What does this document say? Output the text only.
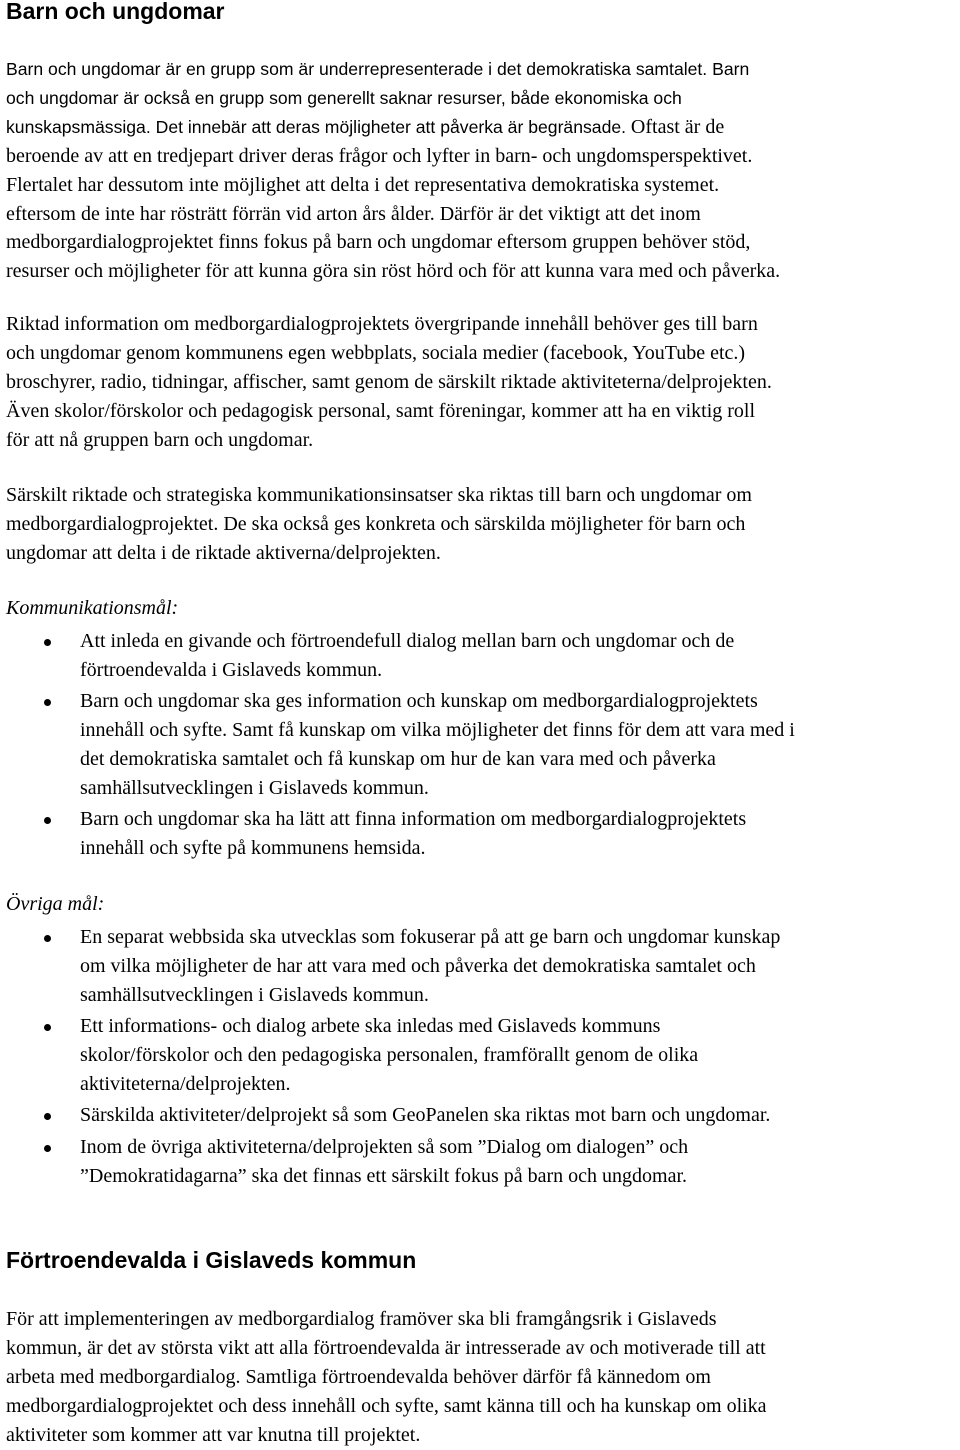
Barn och ungdomar

Barn och ungdomar är en grupp som är underrepresenterade i det demokratiska samtalet. Barn
och ungdomar är också en grupp som generellt saknar resurser, både ekonomiska och
kunskapsmässiga. Det innebär att deras möjligheter att påverka är begränsade. Oftast är de
beroende av att en tredjepart driver deras frågor och lyfter in barn- och ungdomsperspektivet.
Flertalet har dessutom inte möjlighet att delta i det representativa demokratiska systemet.
eftersom de inte har rösträtt förrän vid arton års ålder. Därför är det viktigt att det inom
medborgardialogprojektet finns fokus på barn och ungdomar eftersom gruppen behöver stöd,
resurser och möjligheter för att kunna göra sin röst hörd och för att kunna vara med och påverka.

Riktad information om medborgardialogprojektets övergripande innehåll behöver ges till barn
och ungdomar genom kommunens egen webbplats, sociala medier (facebook, YouTube etc.)
broschyrer, radio, tidningar, affischer, samt genom de särskilt riktade aktiviteterna/delprojekten.
Även skolor/förskolor och pedagogisk personal, samt föreningar, kommer att ha en viktig roll
för att nå gruppen barn och ungdomar.

Särskilt riktade och strategiska kommunikationsinsatser ska riktas till barn och ungdomar om
medborgardialogprojektet. De ska också ges konkreta och särskilda möjligheter för barn och
ungdomar att delta i de riktade aktiverna/delprojekten.

Kommunikationsmål:
Att inleda en givande och förtroendefull dialog mellan barn och ungdomar och de
förtroendevalda i Gislaveds kommun.
Barn och ungdomar ska ges information och kunskap om medborgardialogprojektets
innehåll och syfte. Samt få kunskap om vilka möjligheter det finns för dem att vara med i
det demokratiska samtalet och få kunskap om hur de kan vara med och påverka
samhällsutvecklingen i Gislaveds kommun.
Barn och ungdomar ska ha lätt att finna information om medborgardialogprojektets
innehåll och syfte på kommunens hemsida.
Övriga mål:
En separat webbsida ska utvecklas som fokuserar på att ge barn och ungdomar kunskap
om vilka möjligheter de har att vara med och påverka det demokratiska samtalet och
samhällsutvecklingen i Gislaveds kommun.
Ett informations- och dialog arbete ska inledas med Gislaveds kommuns
skolor/förskolor och den pedagogiska personalen, framförallt genom de olika
aktiviteterna/delprojekten.
Särskilda aktiviteter/delprojekt så som GeoPanelen ska riktas mot barn och ungdomar.
Inom de övriga aktiviteterna/delprojekten så som ”Dialog om dialogen” och
”Demokratidagarna” ska det finnas ett särskilt fokus på barn och ungdomar.
Förtroendevalda i Gislaveds kommun

För att implementeringen av medborgardialog framöver ska bli framgångsrik i Gislaveds
kommun, är det av största vikt att alla förtroendevalda är intresserade av och motiverade till att
arbeta med medborgardialog. Samtliga förtroendevalda behöver därför få kännedom om
medborgardialogprojektet och dess innehåll och syfte, samt känna till och ha kunskap om olika
aktiviteter som kommer att var knutna till projektet.
